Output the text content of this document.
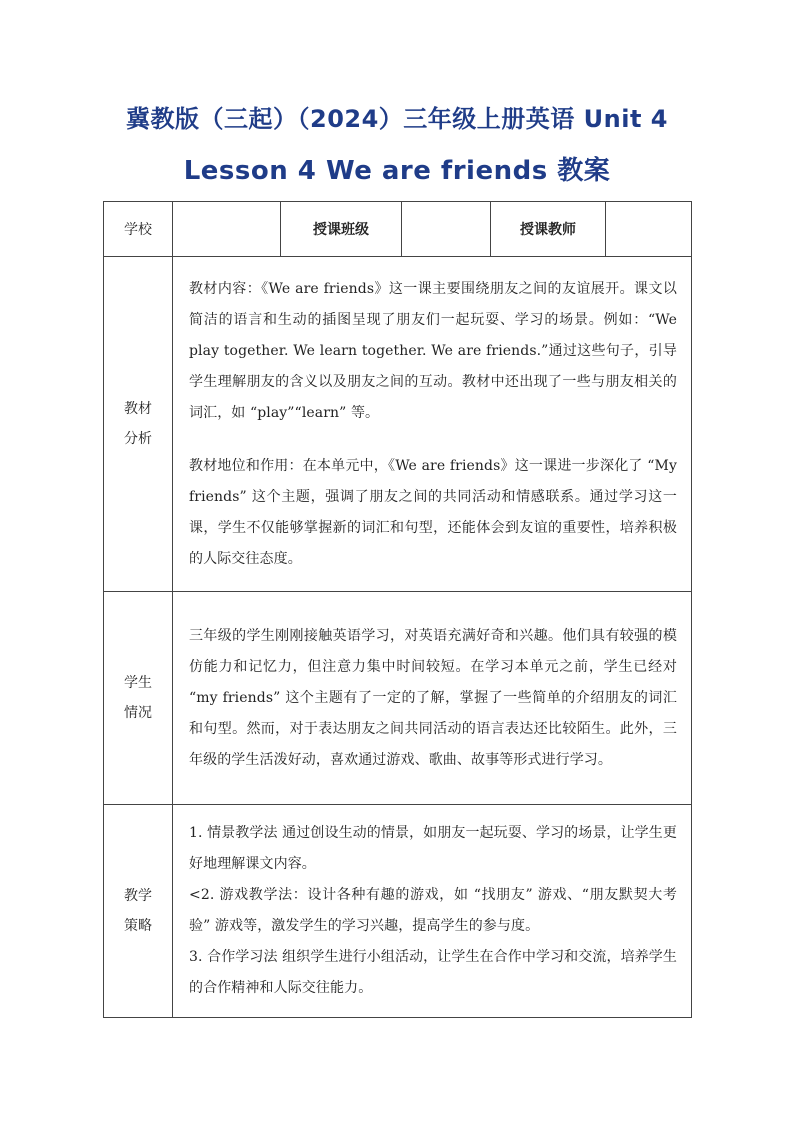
冀教版（三起）（2024）三年级上册英语 Unit 4
Lesson 4 We are friends 教案
学校		授课班级		授课教师	
教材分析	教材内容：《We are friends》这一课主要围绕朋友之间的友谊展开。课文以简洁的语言和生动的插图呈现了朋友们一起玩耍、学习的场景。例如：“We play together. We learn together. We are friends.”通过这些句子，引导学生理解朋友的含义以及朋友之间的互动。教材中还出现了一些与朋友相关的词汇，如 “play”“learn” 等。

教材地位和作用：在本单元中，《We are friends》这一课进一步深化了 “My friends” 这个主题，强调了朋友之间的共同活动和情感联系。通过学习这一课，学生不仅能够掌握新的词汇和句型，还能体会到友谊的重要性，培养积极的人际交往态度。				

学生情况	三年级的学生刚刚接触英语学习，对英语充满好奇和兴趣。他们具有较强的模仿能力和记忆力，但注意力集中时间较短。在学习本单元之前，学生已经对 “my friends” 这个主题有了一定的了解，掌握了一些简单的介绍朋友的词汇和句型。然而，对于表达朋友之间共同活动的语言表达还比较陌生。此外，三年级的学生活泼好动，喜欢通过游戏、歌曲、故事等形式进行学习。				

教学策略	1. 情景教学法 通过创设生动的情景，如朋友一起玩耍、学习的场景，让学生更好地理解课文内容。

<2. 游戏教学法：设计各种有趣的游戏，如 “找朋友” 游戏、“朋友默契大考验” 游戏等，激发学生的学习兴趣，提高学生的参与度。

3. 合作学习法 组织学生进行小组活动，让学生在合作中学习和交流，培养学生的合作精神和人际交往能力。				
